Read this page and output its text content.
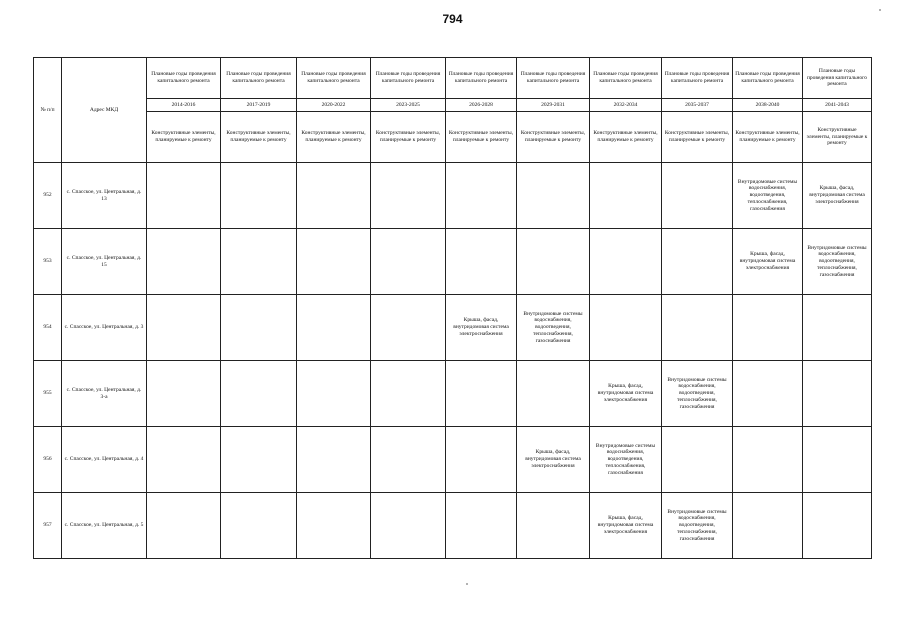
794
№ п/п	Адрес МКД	Плановые годы проведения капитального ремонта	Плановые годы проведения капитального ремонта	Плановые годы проведения капитального ремонта	Плановые годы проведения капитального ремонта	Плановые годы проведения капитального ремонта	Плановые годы проведения капитального ремонта	Плановые годы проведения капитального ремонта	Плановые годы проведения капитального ремонта	Плановые годы проведения капитального ремонта	Плановые годы проведения капитального ремонта
		2014-2016	2017-2019	2020-2022	2023-2025	2026-2028	2029-2031	2032-2034	2035-2037	2038-2040	2041-2043
		Конструктивные элементы, планируемые к ремонту	Конструктивные элементы, планируемые к ремонту	Конструктивные элементы, планируемые к ремонту	Конструктивные элементы, планируемые к ремонту	Конструктивные элементы, планируемые к ремонту	Конструктивные элементы, планируемые к ремонту	Конструктивные элементы, планируемые к ремонту	Конструктивные элементы, планируемые к ремонту	Конструктивные элементы, планируемые к ремонту	Конструктивные элементы, планируемые к ремонту
952	с. Спасское, ул. Центральная, д. 13									Внутридомовые системы водоснабжения, водоотведения, теплоснабжения, газоснабжения	Крыша, фасад, внутридомовая система электроснабжения
953	с. Спасское, ул. Центральная, д. 15									Крыша, фасад, внутридомовая система электроснабжения	Внутридомовые системы водоснабжения, водоотведения, теплоснабжения, газоснабжения
954	с. Спасское, ул. Центральная, д. 3					Крыша, фасад, внутридомовая система электроснабжения	Внутридомовые системы водоснабжения, водоотведения, теплоснабжения, газоснабжения				
955	с. Спасское, ул. Центральная, д. 3-а							Крыша, фасад, внутридомовая система электроснабжения	Внутридомовые системы водоснабжения, водоотведения, теплоснабжения, газоснабжения		
956	с. Спасское, ул. Центральная, д. 4						Крыша, фасад, внутридомовая система электроснабжения	Внутридомовые системы водоснабжения, водоотведения, теплоснабжения, газоснабжения			
957	с. Спасское, ул. Центральная, д. 5							Крыша, фасад, внутридомовая система электроснабжения	Внутридомовые системы водоснабжения, водоотведения, теплоснабжения, газоснабжения		
